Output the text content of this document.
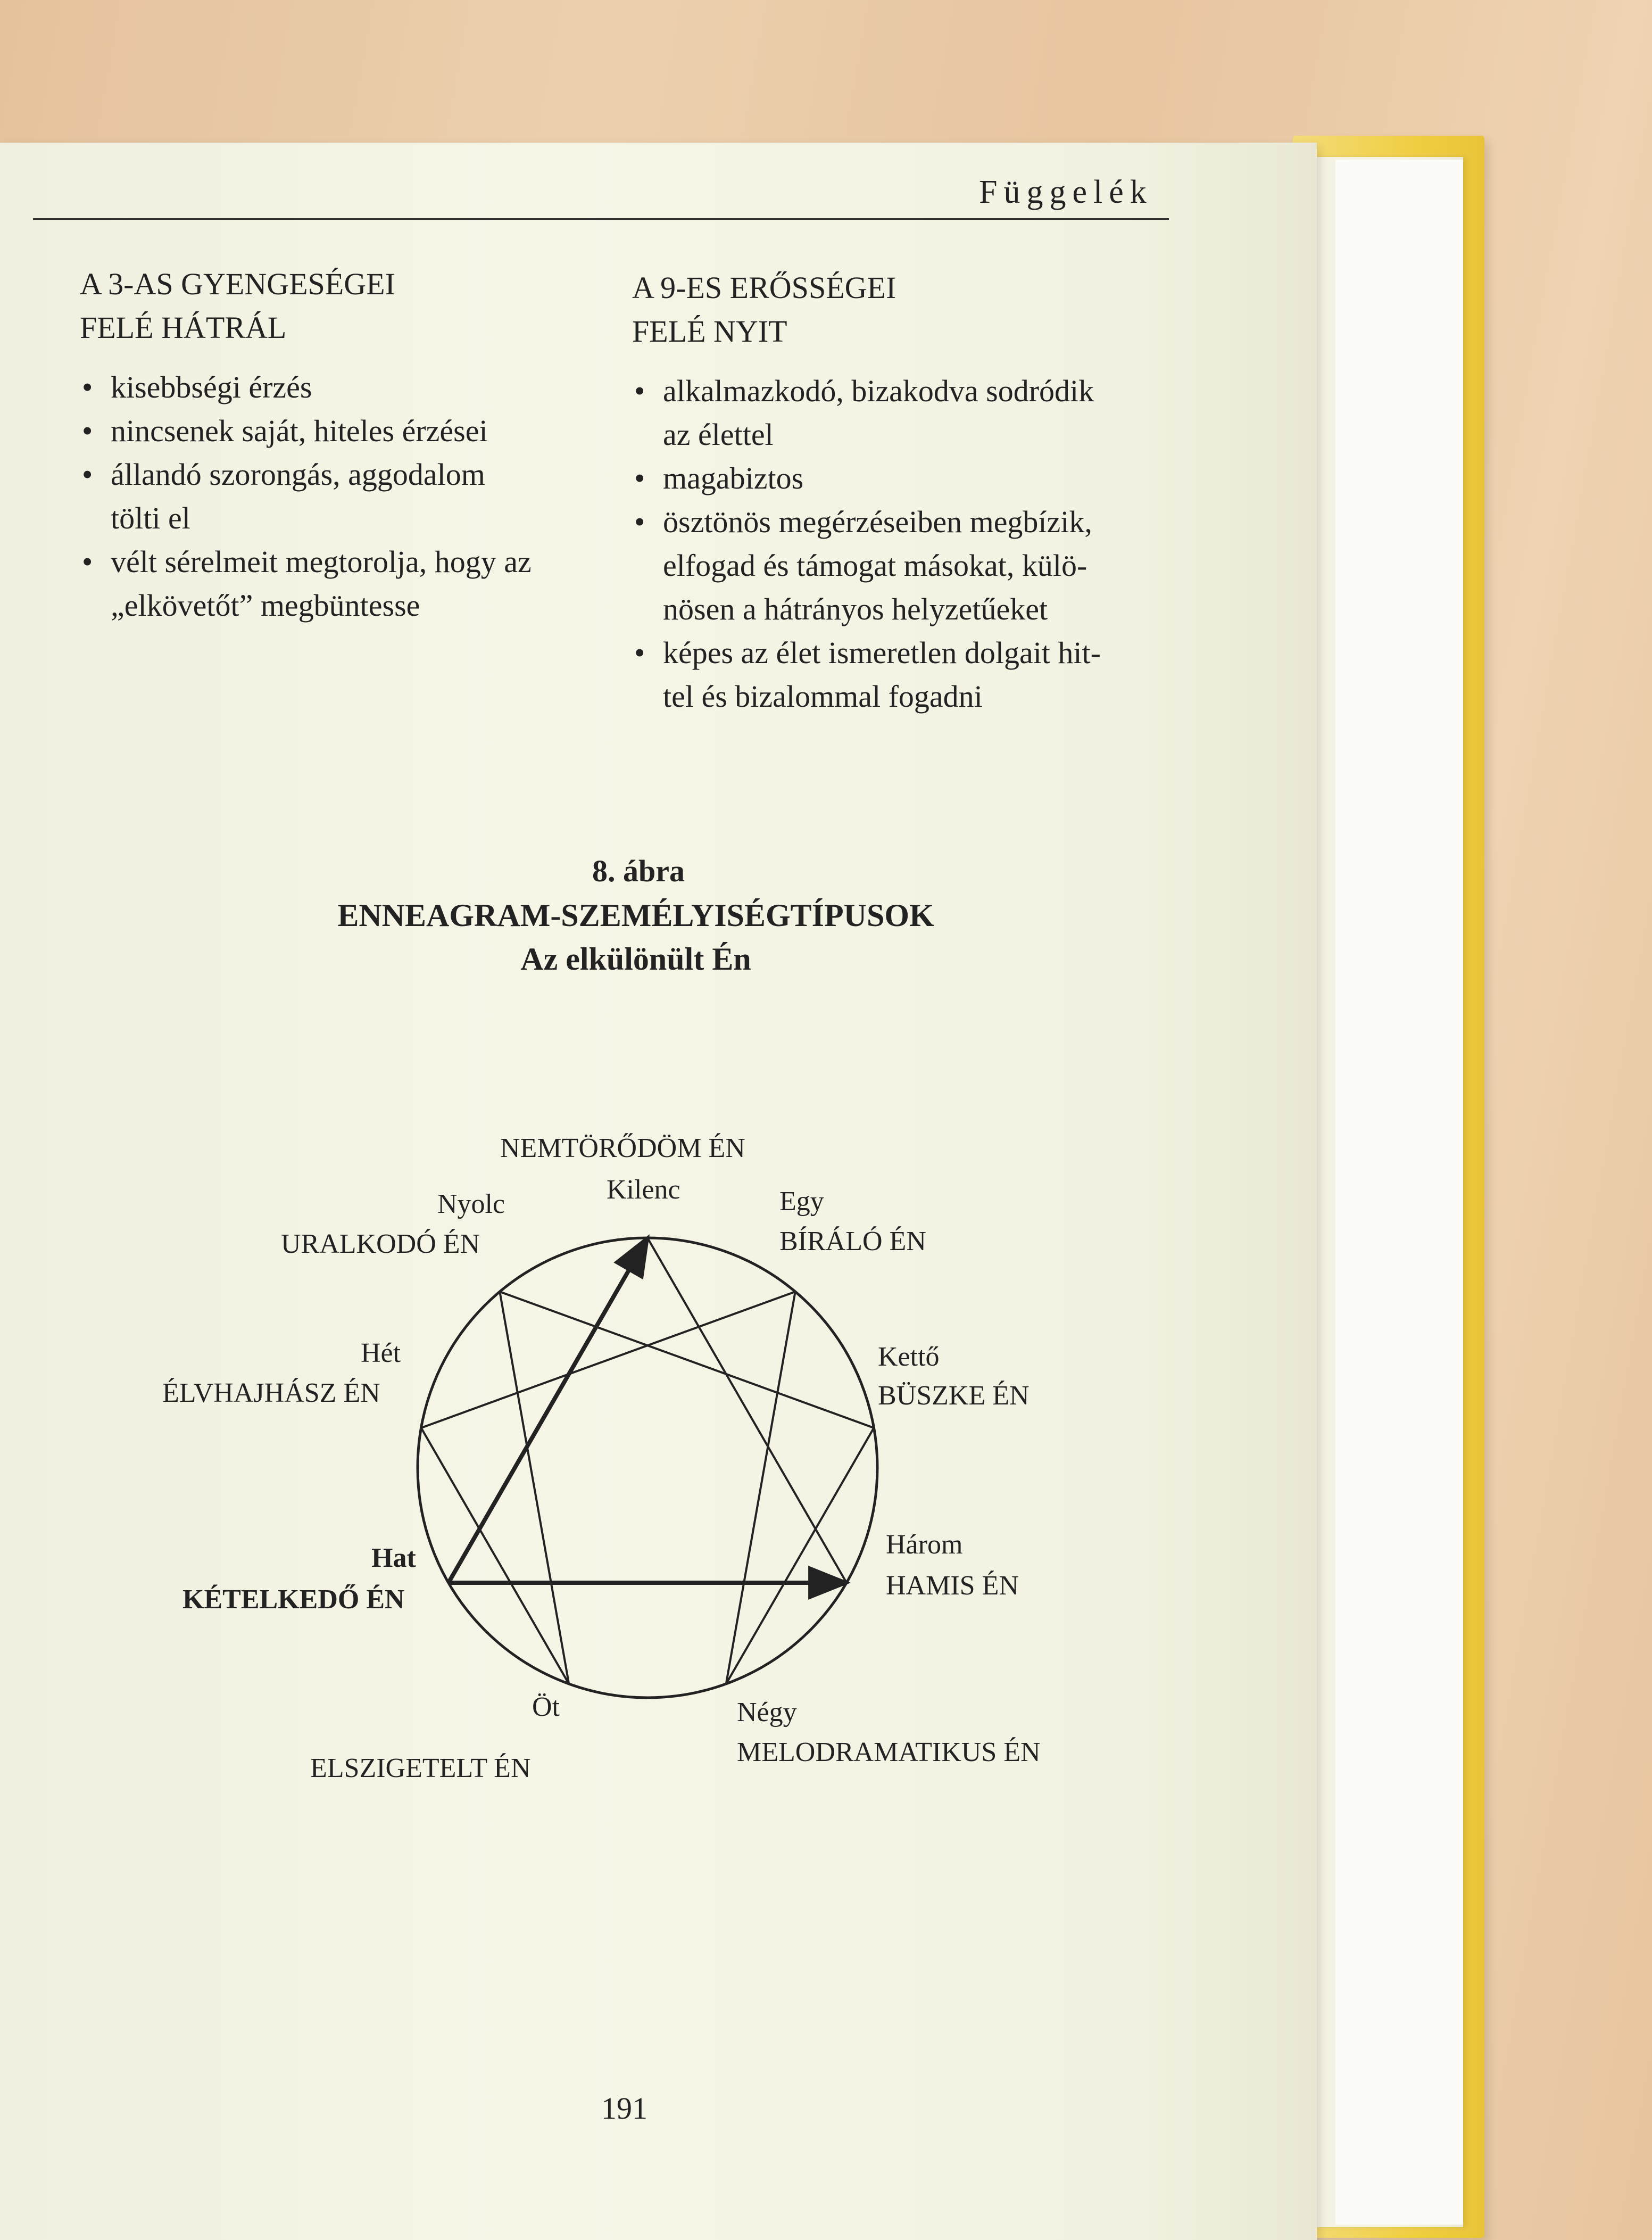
Függelék
A 3-AS GYENGESÉGEI
FELÉ HÁTRÁL
• kisebbségi érzés
• nincsenek saját, hiteles érzései
• állandó szorongás, aggodalom
tölti el
• vélt sérelmeit megtorolja, hogy az
„elkövetőt” megbüntesse
A 9-ES ERŐSSÉGEI
FELÉ NYIT
• alkalmazkodó, bizakodva sodródik
az élettel
• magabiztos
• ösztönös megérzéseiben megbízik,
elfogad és támogat másokat, külö-
nösen a hátrányos helyzetűeket
• képes az élet ismeretlen dolgait hit-
tel és bizalommal fogadni
8. ábra
ENNEAGRAM-SZEMÉLYISÉGTÍPUSOK
Az elkülönült Én
Kilenc
NEMTÖRŐDÖM ÉN
Egy
BÍRÁLÓ ÉN
Kettő
BÜSZKE ÉN
Három
HAMIS ÉN
Négy
MELODRAMATIKUS ÉN
Öt
ELSZIGETELT ÉN
Hat
KÉTELKEDŐ ÉN
Hét
ÉLVHAJHÁSZ ÉN
Nyolc
URALKODÓ ÉN
191
